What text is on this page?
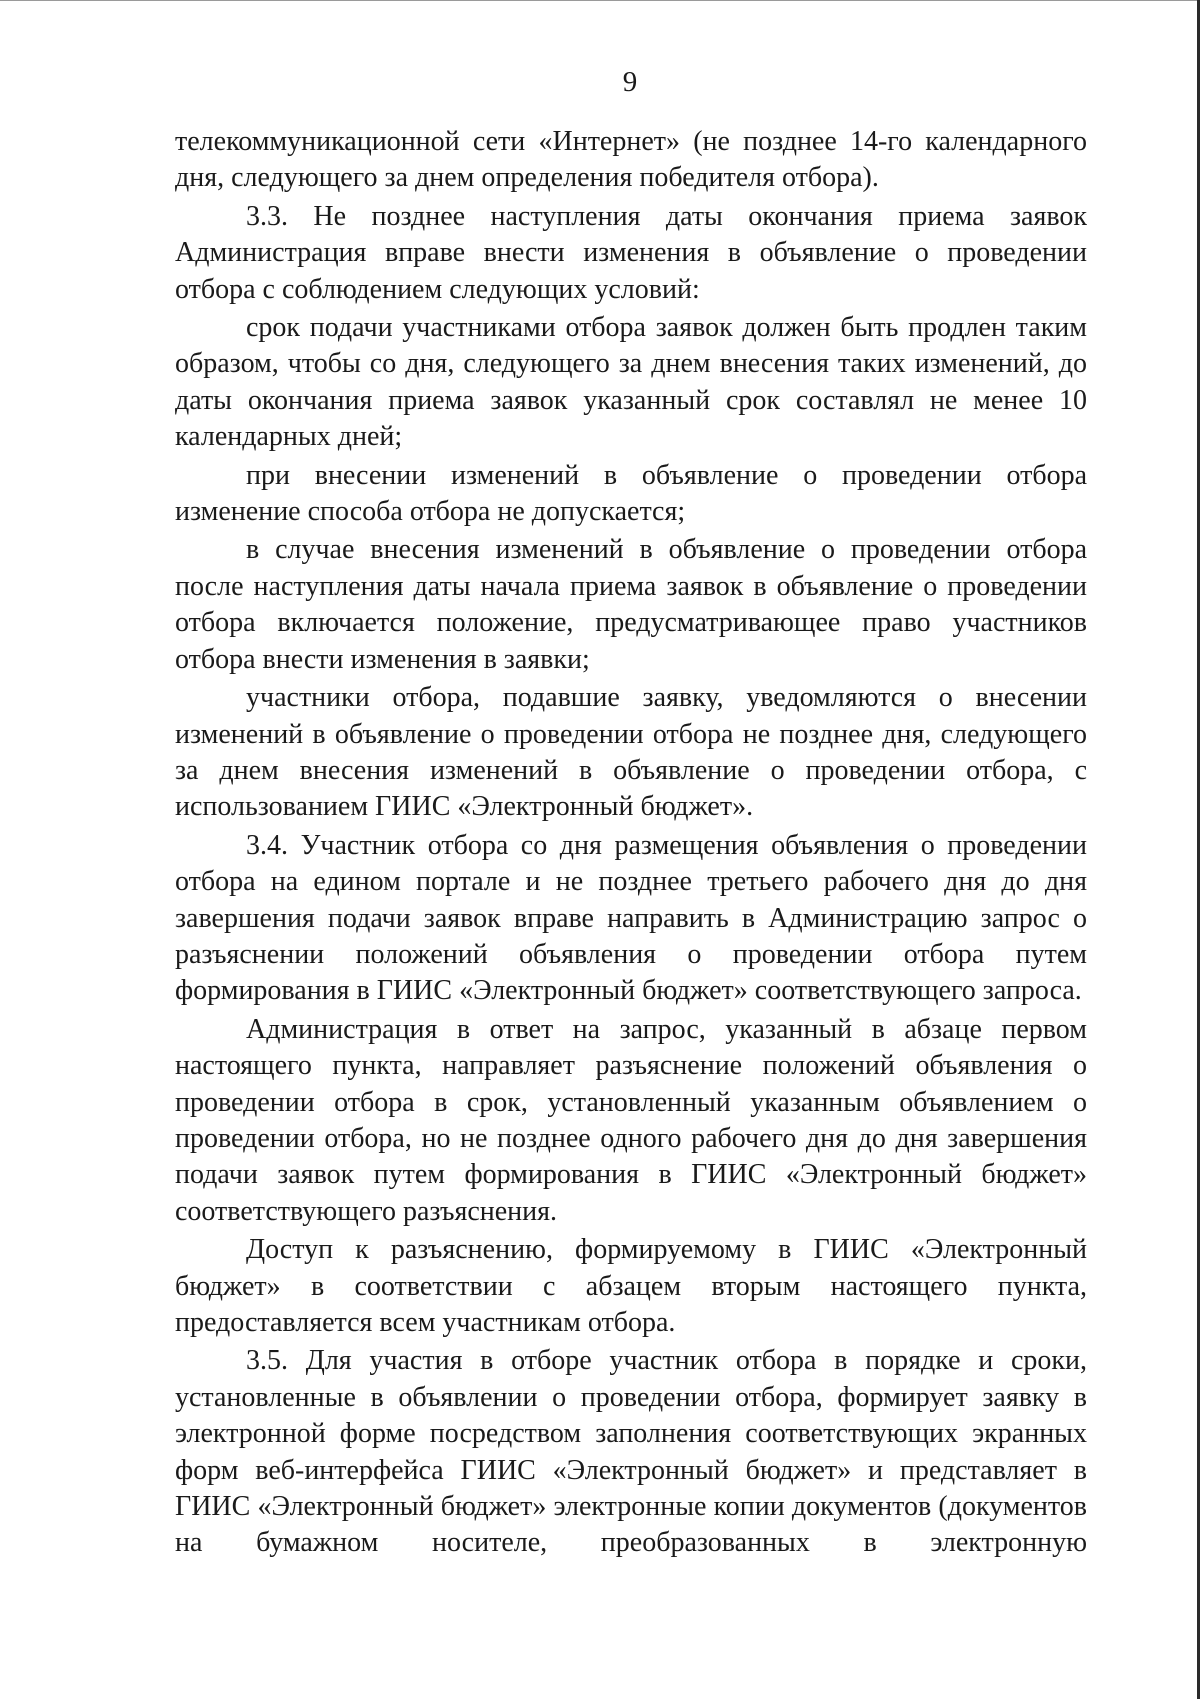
9

телекоммуникационной сети «Интернет» (не позднее 14-го календарного дня, следующего за днем определения победителя отбора).

3.3. Не позднее наступления даты окончания приема заявок Администрация вправе внести изменения в объявление о проведении отбора с соблюдением следующих условий:

срок подачи участниками отбора заявок должен быть продлен таким образом, чтобы со дня, следующего за днем внесения таких изменений, до даты окончания приема заявок указанный срок составлял не менее 10 календарных дней;

при внесении изменений в объявление о проведении отбора изменение способа отбора не допускается;

в случае внесения изменений в объявление о проведении отбора после наступления даты начала приема заявок в объявление о проведении отбора включается положение, предусматривающее право участников отбора внести изменения в заявки;

участники отбора, подавшие заявку, уведомляются о внесении изменений в объявление о проведении отбора не позднее дня, следующего за днем внесения изменений в объявление о проведении отбора, с использованием ГИИС «Электронный бюджет».

3.4. Участник отбора со дня размещения объявления о проведении отбора на едином портале и не позднее третьего рабочего дня до дня завершения подачи заявок вправе направить в Администрацию запрос о разъяснении положений объявления о проведении отбора путем формирования в ГИИС «Электронный бюджет» соответствующего запроса.

Администрация в ответ на запрос, указанный в абзаце первом настоящего пункта, направляет разъяснение положений объявления о проведении отбора в срок, установленный указанным объявлением о проведении отбора, но не позднее одного рабочего дня до дня завершения подачи заявок путем формирования в ГИИС «Электронный бюджет» соответствующего разъяснения.

Доступ к разъяснению, формируемому в ГИИС «Электронный бюджет» в соответствии с абзацем вторым настоящего пункта, предоставляется всем участникам отбора.

3.5. Для участия в отборе участник отбора в порядке и сроки, установленные в объявлении о проведении отбора, формирует заявку в электронной форме посредством заполнения соответствующих экранных форм веб-интерфейса ГИИС «Электронный бюджет» и представляет в ГИИС «Электронный бюджет» электронные копии документов (документов на бумажном носителе, преобразованных в электронную
